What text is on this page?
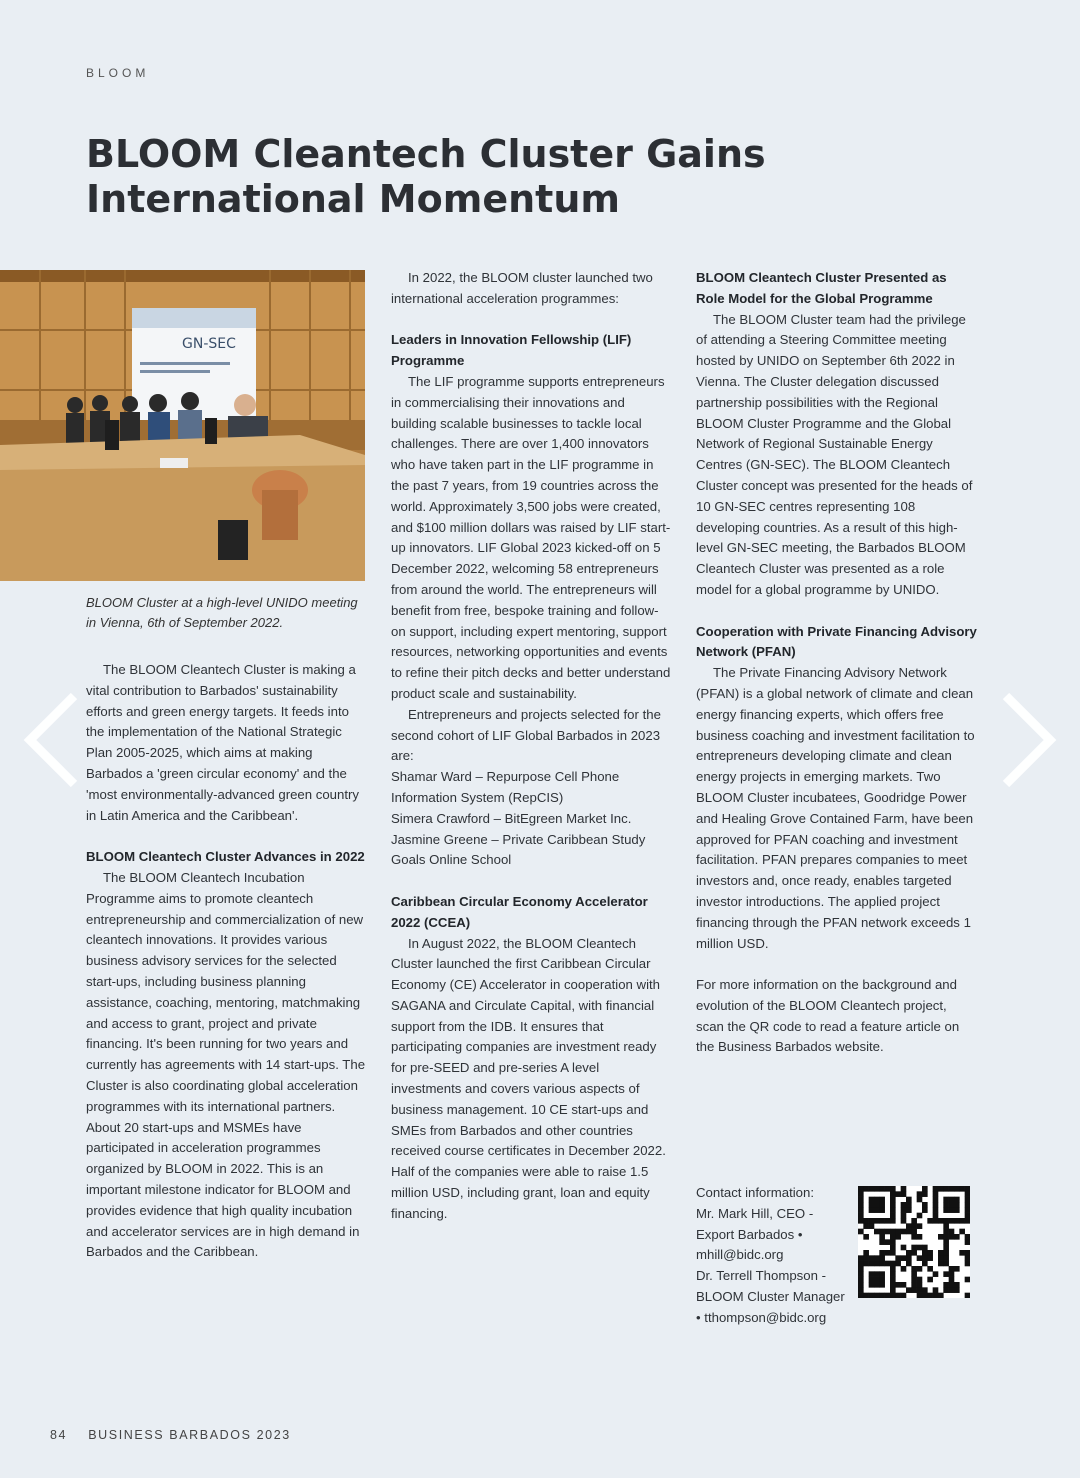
BLOOM
BLOOM Cleantech Cluster Gains
International Momentum
GN-SEC
BLOOM Cluster at a high-level UNIDO meeting in Vienna, 6th of September 2022.

The BLOOM Cleantech Cluster is making a vital contribution to Barbados' sustainability efforts and green energy targets. It feeds into the implementation of the National Strategic Plan 2005-2025, which aims at making Barbados a 'green circular economy' and the 'most environmentally-advanced green country in Latin America and the Caribbean'.

BLOOM Cleantech Cluster Advances in 2022

The BLOOM Cleantech Incubation Programme aims to promote cleantech entrepreneurship and commercialization of new cleantech innovations. It provides various business advisory services for the selected start-ups, including business planning assistance, coaching, mentoring, matchmaking and access to grant, project and private financing. It's been running for two years and currently has agreements with 14 start-ups. The Cluster is also coordinating global acceleration programmes with its international partners. About 20 start-ups and MSMEs have participated in acceleration programmes organized by BLOOM in 2022. This is an important milestone indicator for BLOOM and provides evidence that high quality incubation and accelerator services are in high demand in Barbados and the Caribbean.

In 2022, the BLOOM cluster launched two international acceleration programmes:

Leaders in Innovation Fellowship (LIF) Programme

The LIF programme supports entrepreneurs in commercialising their innovations and building scalable businesses to tackle local challenges. There are over 1,400 innovators who have taken part in the LIF programme in the past 7 years, from 19 countries across the world. Approximately 3,500 jobs were created, and $100 million dollars was raised by LIF start-up innovators. LIF Global 2023 kicked-off on 5 December 2022, welcoming 58 entrepreneurs from around the world. The entrepreneurs will benefit from free, bespoke training and follow-on support, including expert mentoring, support resources, networking opportunities and events to refine their pitch decks and better understand product scale and sustainability.

Entrepreneurs and projects selected for the second cohort of LIF Global Barbados in 2023 are:

Shamar Ward – Repurpose Cell Phone Information System (RepCIS)

Simera Crawford – BitEgreen Market Inc.

Jasmine Greene – Private Caribbean Study Goals Online School

Caribbean Circular Economy Accelerator 2022 (CCEA)

In August 2022, the BLOOM Cleantech Cluster launched the first Caribbean Circular Economy (CE) Accelerator in cooperation with SAGANA and Circulate Capital, with financial support from the IDB. It ensures that participating companies are investment ready for pre-SEED and pre-series A level investments and covers various aspects of business management. 10 CE start-ups and SMEs from Barbados and other countries received course certificates in December 2022. Half of the companies were able to raise 1.5 million USD, including grant, loan and equity financing.

BLOOM Cleantech Cluster Presented as Role Model for the Global Programme

The BLOOM Cluster team had the privilege of attending a Steering Committee meeting hosted by UNIDO on September 6th 2022 in Vienna. The Cluster delegation discussed partnership possibilities with the Regional BLOOM Cluster Programme and the Global Network of Regional Sustainable Energy Centres (GN-SEC). The BLOOM Cleantech Cluster concept was presented for the heads of 10 GN-SEC centres representing 108 developing countries. As a result of this high-level GN-SEC meeting, the Barbados BLOOM Cleantech Cluster was presented as a role model for a global programme by UNIDO.

Cooperation with Private Financing Advisory Network (PFAN)

The Private Financing Advisory Network (PFAN) is a global network of climate and clean energy financing experts, which offers free business coaching and investment facilitation to entrepreneurs developing climate and clean energy projects in emerging markets. Two BLOOM Cluster incubatees, Goodridge Power and Healing Grove Contained Farm, have been approved for PFAN coaching and investment facilitation. PFAN prepares companies to meet investors and, once ready, enables targeted investor introductions. The applied project financing through the PFAN network exceeds 1 million USD.

For more information on the background and evolution of the BLOOM Cleantech project, scan the QR code to read a feature article on the Business Barbados website.

Contact information:

Mr. Mark Hill, CEO - Export Barbados • mhill@bidc.org

Dr. Terrell Thompson - BLOOM Cluster Manager • tthompson@bidc.org

84 BUSINESS BARBADOS 2023
